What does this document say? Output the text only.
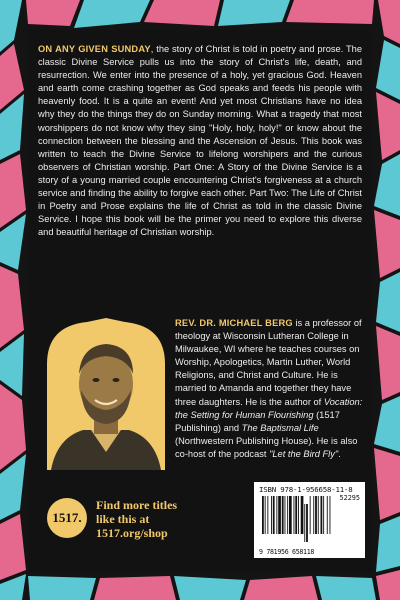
ON ANY GIVEN SUNDAY, the story of Christ is told in poetry and prose. The classic Divine Service pulls us into the story of Christ's life, death, and resurrection. We enter into the presence of a holy, yet gracious God. Heaven and earth come crashing together as God speaks and feeds his people with heavenly food. It is a quite an event! And yet most Christians have no idea why they do the things they do on Sunday morning. What a tragedy that most worshippers do not know why they sing "Holy, holy, holy!" or know about the connection between the blessing and the Ascension of Jesus. This book was written to teach the Divine Service to lifelong worshipers and the curious observers of Christian worship. Part One: A Story of the Divine Service is a story of a young married couple encountering Christ's forgiveness at a church service and finding the ability to forgive each other. Part Two: The Life of Christ in Poetry and Prose explains the life of Christ as told in the classic Divine Service. I hope this book will be the primer you need to explore this diverse and beautiful heritage of Christian worship.

REV. DR. MICHAEL BERG is a professor of theology at Wisconsin Lutheran College in Milwaukee, WI where he teaches courses on Worship, Apologetics, Martin Luther, World Religions, and Christ and Culture. He is married to Amanda and together they have three daughters. He is the author of Vocation: the Setting for Human Flourishing (1517 Publishing) and The Baptismal Life (Northwestern Publishing House). He is also co-host of the podcast "Let the Bird Fly".

1517.
Find more titles
like this at
1517.org/shop
ISBN 978-1-956658-11-8
52295
9 781956 658118
